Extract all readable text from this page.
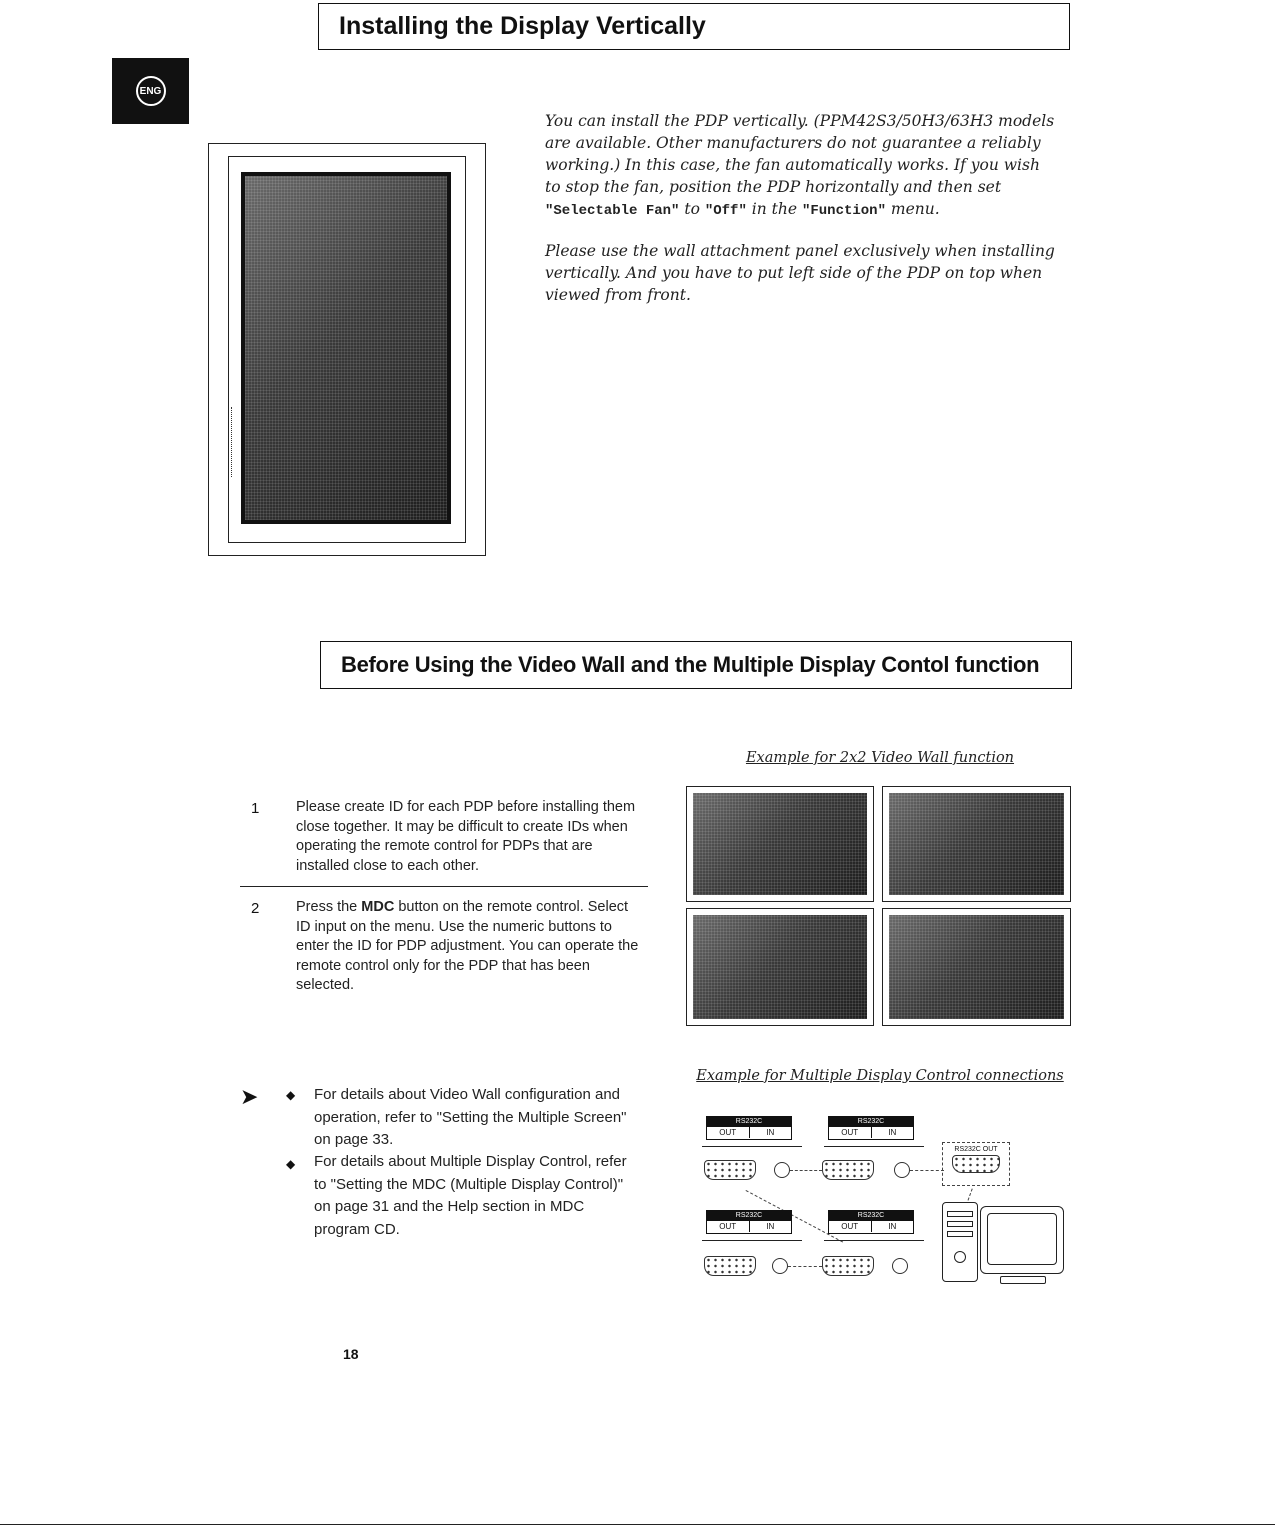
Installing the Display Vertically
ENG

You can install the PDP vertically. (PPM42S3/50H3/63H3 models are available. Other manufacturers do not guarantee a reliably working.) In this case, the fan automatically works. If you wish to stop the fan, position the PDP horizontally and then set "Selectable Fan" to "Off" in the "Function" menu.

Please use the wall attachment panel exclusively when installing vertically. And you have to put left side of the PDP on top when viewed from front.

Before Using the Video Wall and the Multiple Display Contol function
Example for 2x2 Video Wall function
1	Please create ID for each PDP before installing them close together. It may be difficult to create IDs when operating the remote control for PDPs that are installed close to each other.
2	Press the MDC button on the remote control. Select ID input on the menu. Use the numeric buttons to enter the ID for PDP adjustment. You can operate the remote control only for the PDP that has been selected.
Example for Multiple Display Control connections
➤ ◆ For details about Video Wall configuration and operation, refer to "Setting the Multiple Screen" on page 33.
◆ For details about Multiple Display Control, refer to "Setting the MDC (Multiple Display Control)" on page 31 and the Help section in MDC program CD.
RS232C
OUT	IN
RS232C
OUT	IN
RS232C OUT
RS232C
OUT	IN
RS232C
OUT	IN
18
